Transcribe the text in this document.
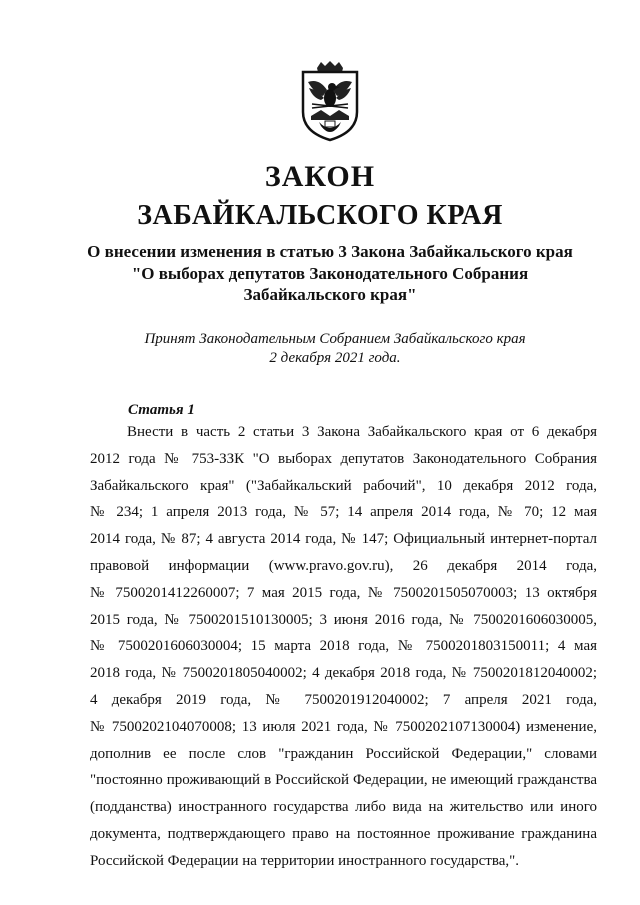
ЗАКОН
ЗАБАЙКАЛЬСКОГО КРАЯ
О внесении изменения в статью 3 Закона Забайкальского края
"О выборах депутатов Законодательного Собрания
Забайкальского края"
Принят Законодательным Собранием Забайкальского края
2 декабря 2021 года.
Статья 1
Внести в часть 2 статьи 3 Закона Забайкальского края от 6 декабря
2012 года № 753-ЗЗК "О выборах депутатов Законодательного Собрания
Забайкальского края" ("Забайкальский рабочий", 10 декабря 2012 года,
№ 234; 1 апреля 2013 года, № 57; 14 апреля 2014 года, № 70; 12 мая
2014 года, № 87; 4 августа 2014 года, № 147; Официальный интернет-портал
правовой информации (www.pravo.gov.ru), 26 декабря 2014 года,
№ 7500201412260007; 7 мая 2015 года, № 7500201505070003; 13 октября
2015 года, № 7500201510130005; 3 июня 2016 года, № 7500201606030005,
№ 7500201606030004; 15 марта 2018 года, № 7500201803150011; 4 мая
2018 года, № 7500201805040002; 4 декабря 2018 года, № 7500201812040002;
4 декабря 2019 года, № 7500201912040002; 7 апреля 2021 года,
№ 7500202104070008; 13 июля 2021 года, № 7500202107130004) изменение,
дополнив ее после слов "гражданин Российской Федерации," словами
"постоянно проживающий в Российской Федерации, не имеющий гражданства
(подданства) иностранного государства либо вида на жительство или иного
документа, подтверждающего право на постоянное проживание гражданина
Российской Федерации на территории иностранного государства,".
